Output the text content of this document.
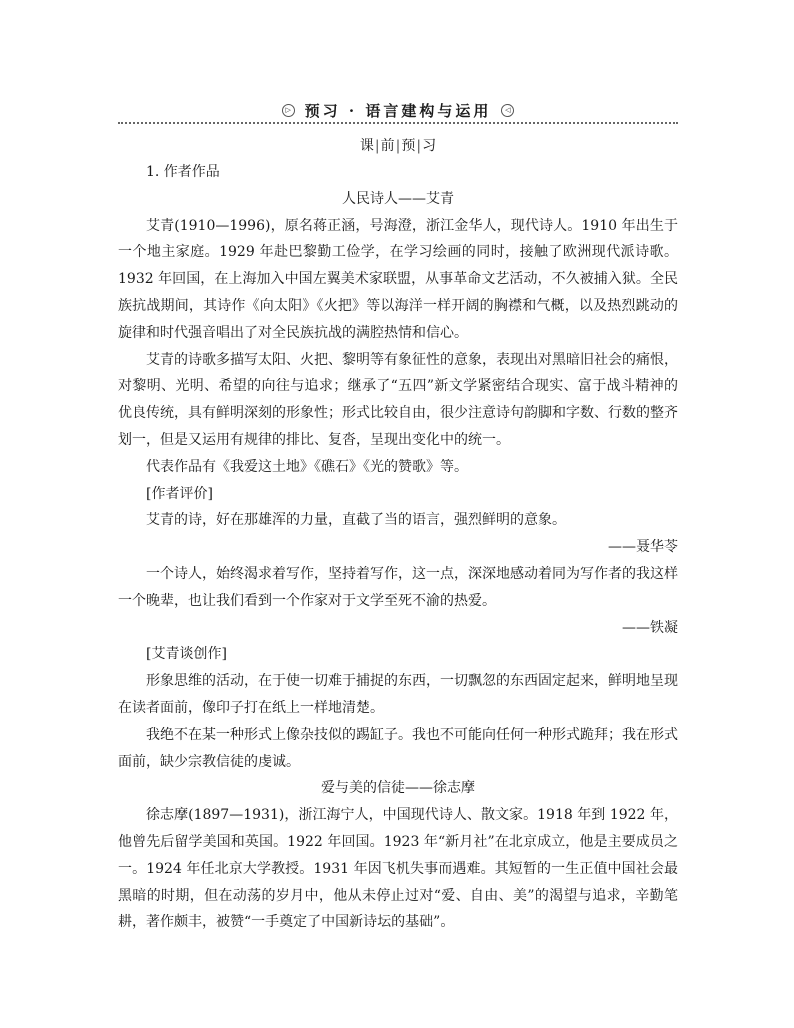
▷ 预习 · 语言建构与运用	◁
课|前|预|习
1. 作者作品
人民诗人——艾青
艾青(1910—1996)，原名蒋正涵，号海澄，浙江金华人，现代诗人。1910 年出生于一个地主家庭。1929 年赴巴黎勤工俭学，在学习绘画的同时，接触了欧洲现代派诗歌。1932 年回国，在上海加入中国左翼美术家联盟，从事革命文艺活动，不久被捕入狱。全民族抗战期间，其诗作《向太阳》《火把》等以海洋一样开阔的胸襟和气概，以及热烈跳动的旋律和时代强音唱出了对全民族抗战的满腔热情和信心。
艾青的诗歌多描写太阳、火把、黎明等有象征性的意象，表现出对黑暗旧社会的痛恨，对黎明、光明、希望的向往与追求；继承了“五四”新文学紧密结合现实、富于战斗精神的优良传统，具有鲜明深刻的形象性；形式比较自由，很少注意诗句韵脚和字数、行数的整齐划一，但是又运用有规律的排比、复沓，呈现出变化中的统一。
代表作品有《我爱这土地》《礁石》《光的赞歌》等。
[作者评价]
艾青的诗，好在那雄浑的力量，直截了当的语言，强烈鲜明的意象。
——聂华苓
一个诗人，始终渴求着写作，坚持着写作，这一点，深深地感动着同为写作者的我这样一个晚辈，也让我们看到一个作家对于文学至死不渝的热爱。
——铁凝
[艾青谈创作]
形象思维的活动，在于使一切难于捕捉的东西，一切飘忽的东西固定起来，鲜明地呈现在读者面前，像印子打在纸上一样地清楚。
我绝不在某一种形式上像杂技似的踢缸子。我也不可能向任何一种形式跪拜；我在形式面前，缺少宗教信徒的虔诚。
爱与美的信徒——徐志摩
徐志摩(1897—1931)，浙江海宁人，中国现代诗人、散文家。1918 年到 1922 年，他曾先后留学美国和英国。1922 年回国。1923 年“新月社”在北京成立，他是主要成员之一。1924 年任北京大学教授。1931 年因飞机失事而遇难。其短暂的一生正值中国社会最黑暗的时期，但在动荡的岁月中，他从未停止过对“爱、自由、美”的渴望与追求，辛勤笔耕，著作颇丰，被赞“一手奠定了中国新诗坛的基础”。
